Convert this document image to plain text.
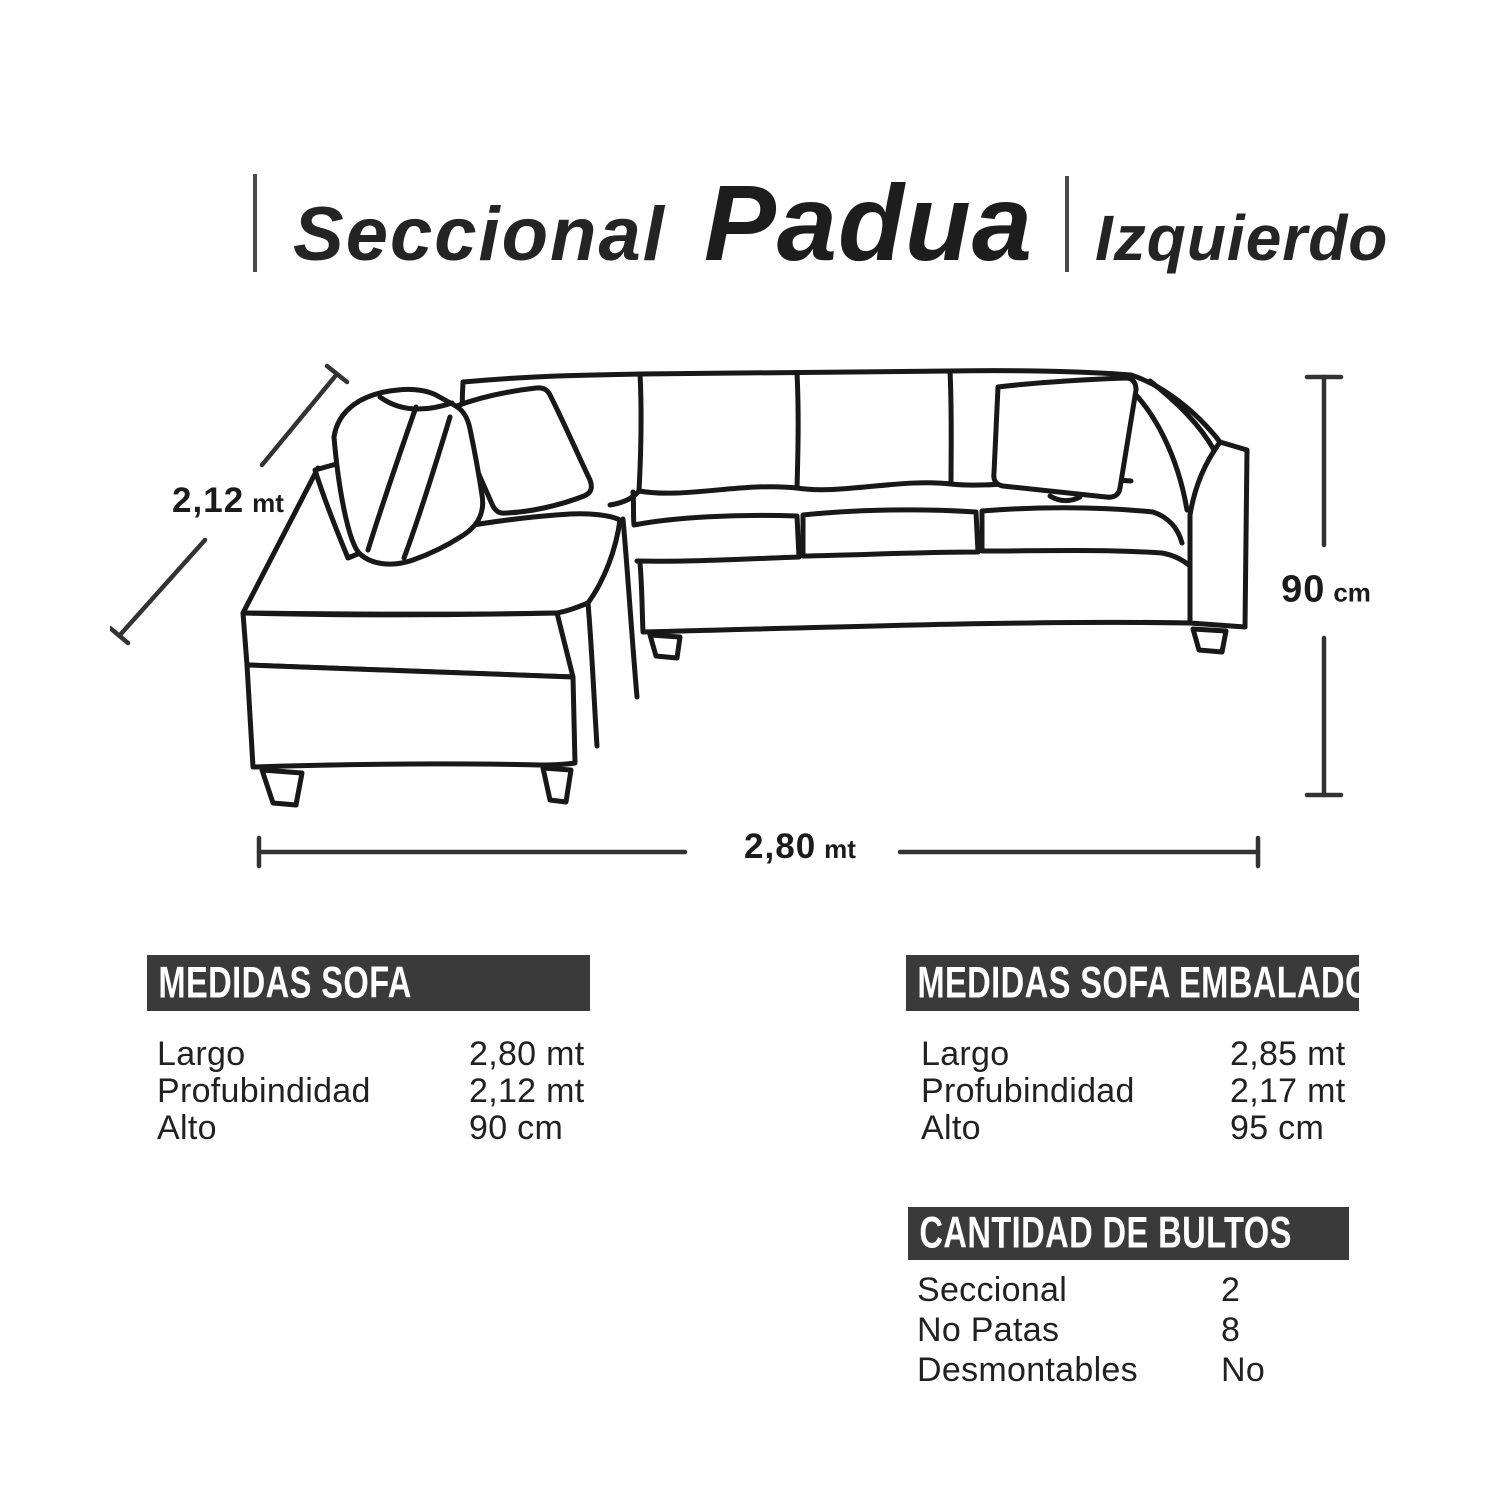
Seccional Padua Izquierdo
2,12 mt
90 cm
2,80 mt
MEDIDAS SOFA
Largo	2,80 mt
Profubindidad	2,12 mt
Alto	90 cm
MEDIDAS SOFA EMBALADO
Largo	2,85 mt
Profubindidad	2,17 mt
Alto	95 cm
CANTIDAD DE BULTOS
Seccional	2
No Patas	8
Desmontables No
